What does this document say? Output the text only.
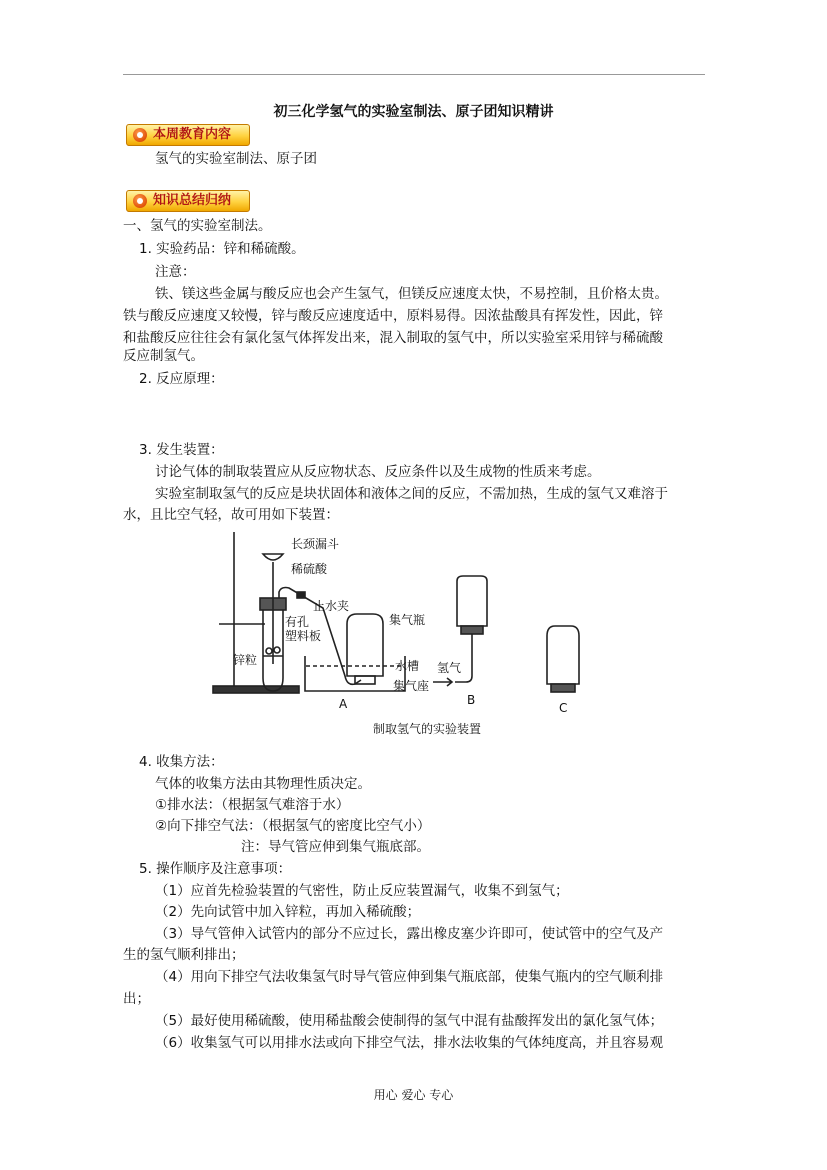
初三化学氢气的实验室制法、原子团知识精讲
本周教育内容
氢气的实验室制法、原子团
知识总结归纳
一、氢气的实验室制法。
1. 实验药品：锌和稀硫酸。
注意：
铁、镁这些金属与酸反应也会产生氢气，但镁反应速度太快，不易控制，且价格太贵。
铁与酸反应速度又较慢，锌与酸反应速度适中，原料易得。因浓盐酸具有挥发性，因此，锌
和盐酸反应往往会有氯化氢气体挥发出来，混入制取的氢气中，所以实验室采用锌与稀硫酸
反应制氢气。
2. 反应原理：
3. 发生装置：
讨论气体的制取装置应从反应物状态、反应条件以及生成物的性质来考虑。
实验室制取氢气的反应是块状固体和液体之间的反应，不需加热，生成的氢气又难溶于
水，且比空气轻，故可用如下装置：
长颈漏斗
稀硫酸
止水夹
有孔
塑料板
锌粒
集气瓶
水槽
集气座
氢气
A	B
C
制取氢气的实验装置
4. 收集方法：
气体的收集方法由其物理性质决定。
①排水法：（根据氢气难溶于水）
②向下排空气法：（根据氢气的密度比空气小）
注：导气管应伸到集气瓶底部。
5. 操作顺序及注意事项：
（1）应首先检验装置的气密性，防止反应装置漏气，收集不到氢气；
（2）先向试管中加入锌粒，再加入稀硫酸；
（3）导气管伸入试管内的部分不应过长，露出橡皮塞少许即可，使试管中的空气及产
生的氢气顺利排出；
（4）用向下排空气法收集氢气时导气管应伸到集气瓶底部，使集气瓶内的空气顺利排
出；
（5）最好使用稀硫酸，使用稀盐酸会使制得的氢气中混有盐酸挥发出的氯化氢气体；
（6）收集氢气可以用排水法或向下排空气法，排水法收集的气体纯度高，并且容易观
用心 爱心 专心
